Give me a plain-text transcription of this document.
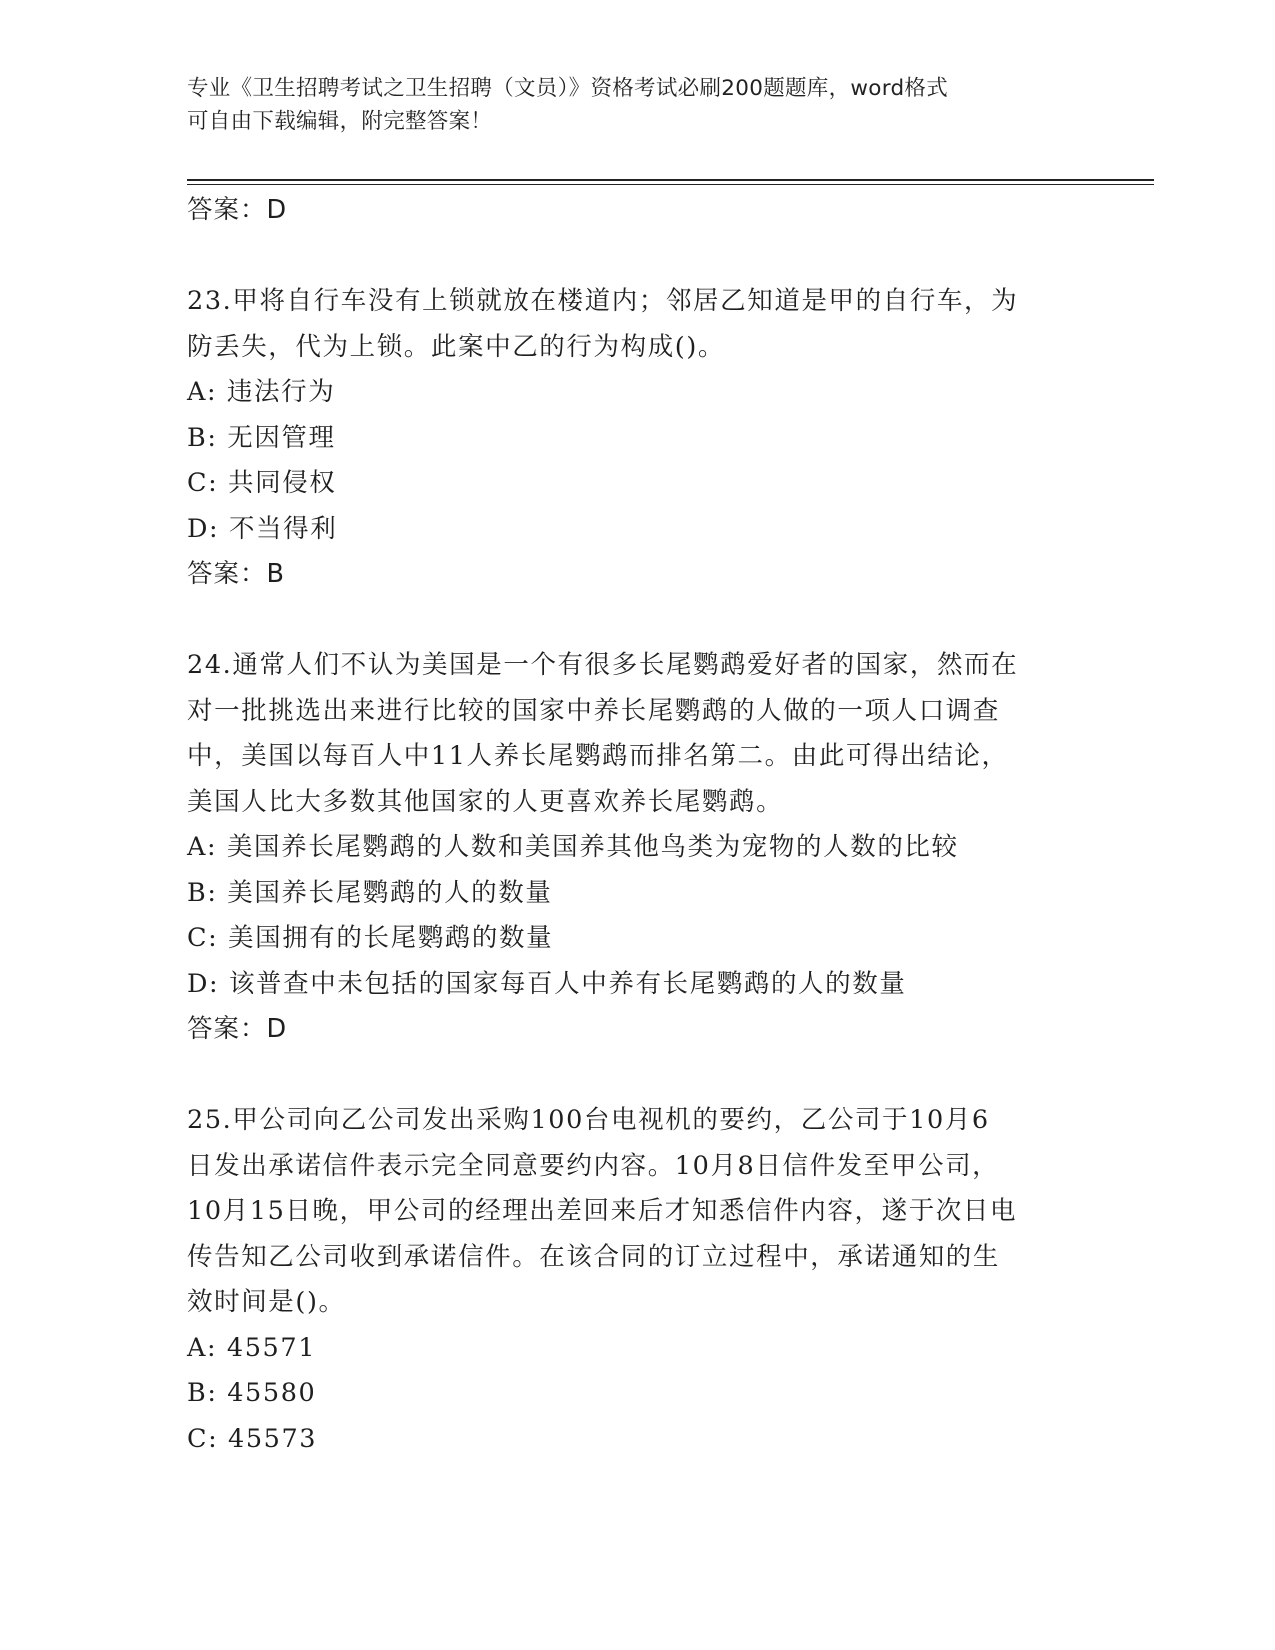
专业《卫生招聘考试之卫生招聘（文员）》资格考试必刷200题题库，word格式
可自由下载编辑，附完整答案！
答案：D
23.甲将自行车没有上锁就放在楼道内；邻居乙知道是甲的自行车，为
防丢失，代为上锁。此案中乙的行为构成()。
A: 违法行为
B: 无因管理
C: 共同侵权
D: 不当得利
答案：B
24.通常人们不认为美国是一个有很多长尾鹦鹉爱好者的国家，然而在
对一批挑选出来进行比较的国家中养长尾鹦鹉的人做的一项人口调查
中，美国以每百人中11人养长尾鹦鹉而排名第二。由此可得出结论，
美国人比大多数其他国家的人更喜欢养长尾鹦鹉。
A: 美国养长尾鹦鹉的人数和美国养其他鸟类为宠物的人数的比较
B: 美国养长尾鹦鹉的人的数量
C: 美国拥有的长尾鹦鹉的数量
D: 该普查中未包括的国家每百人中养有长尾鹦鹉的人的数量
答案：D
25.甲公司向乙公司发出采购100台电视机的要约，乙公司于10月6
日发出承诺信件表示完全同意要约内容。10月8日信件发至甲公司，
10月15日晚，甲公司的经理出差回来后才知悉信件内容，遂于次日电
传告知乙公司收到承诺信件。在该合同的订立过程中，承诺通知的生
效时间是()。
A: 45571
B: 45580
C: 45573
